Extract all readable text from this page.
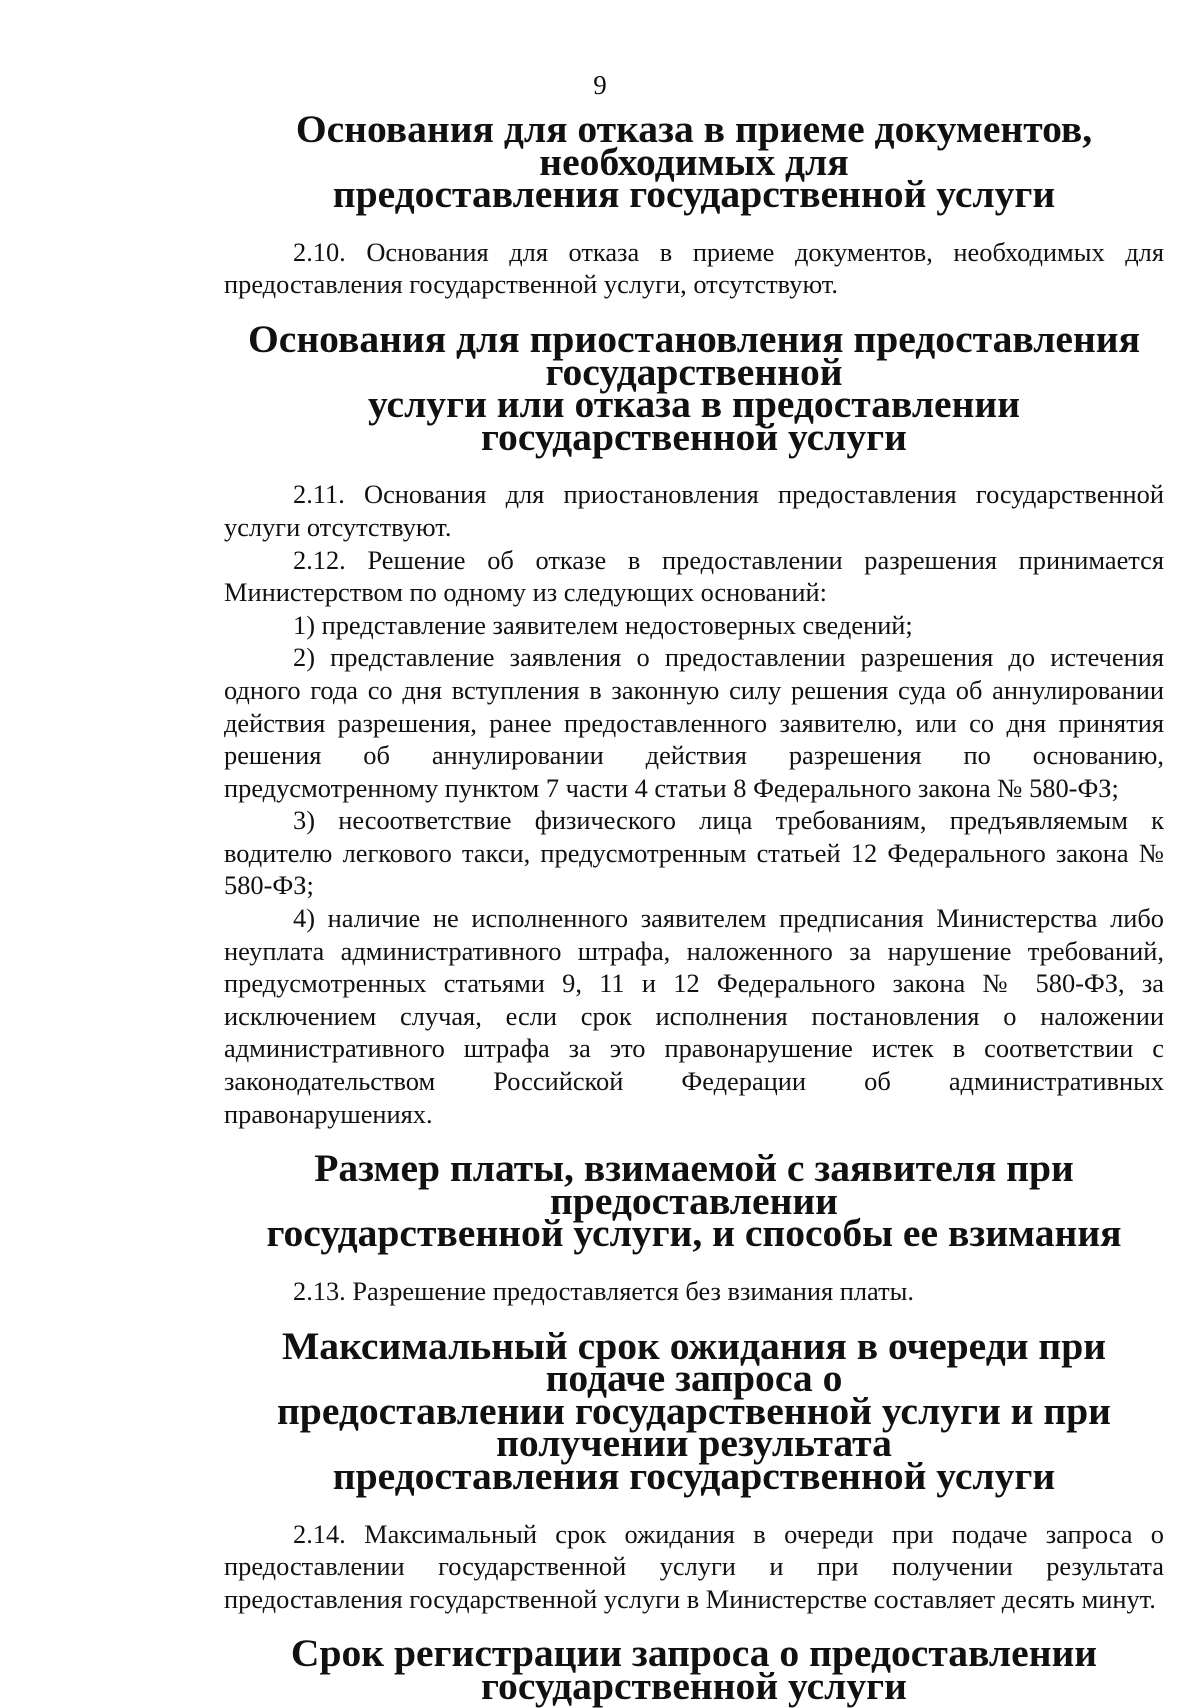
9
Основания для отказа в приеме документов, необходимых для
предоставления государственной услуги

2.10. Основания для отказа в приеме документов, необходимых для предоставления государственной услуги, отсутствуют.

Основания для приостановления предоставления государственной
услуги или отказа в предоставлении государственной услуги

2.11. Основания для приостановления предоставления государственной услуги отсутствуют.

2.12. Решение об отказе в предоставлении разрешения принимается Министерством по одному из следующих оснований:

1) представление заявителем недостоверных сведений;

2) представление заявления о предоставлении разрешения до истечения одного года со дня вступления в законную силу решения суда об аннулировании действия разрешения, ранее предоставленного заявителю, или со дня принятия решения об аннулировании действия разрешения по основанию, предусмотренному пунктом 7 части 4 статьи 8 Федерального закона № 580-ФЗ;

3) несоответствие физического лица требованиям, предъявляемым к водителю легкового такси, предусмотренным статьей 12 Федерального закона № 580-ФЗ;

4) наличие не исполненного заявителем предписания Министерства либо неуплата административного штрафа, наложенного за нарушение требований, предусмотренных статьями 9, 11 и 12 Федерального закона № 580-ФЗ, за исключением случая, если срок исполнения постановления о наложении административного штрафа за это правонарушение истек в соответствии с законодательством Российской Федерации об административных правонарушениях.

Размер платы, взимаемой с заявителя при предоставлении
государственной услуги, и способы ее взимания

2.13. Разрешение предоставляется без взимания платы.

Максимальный срок ожидания в очереди при подаче запроса о
предоставлении государственной услуги и при получении результата
предоставления государственной услуги

2.14. Максимальный срок ожидания в очереди при подаче запроса о предоставлении государственной услуги и при получении результата предоставления государственной услуги в Министерстве составляет десять минут.

Срок регистрации запроса о предоставлении государственной услуги
